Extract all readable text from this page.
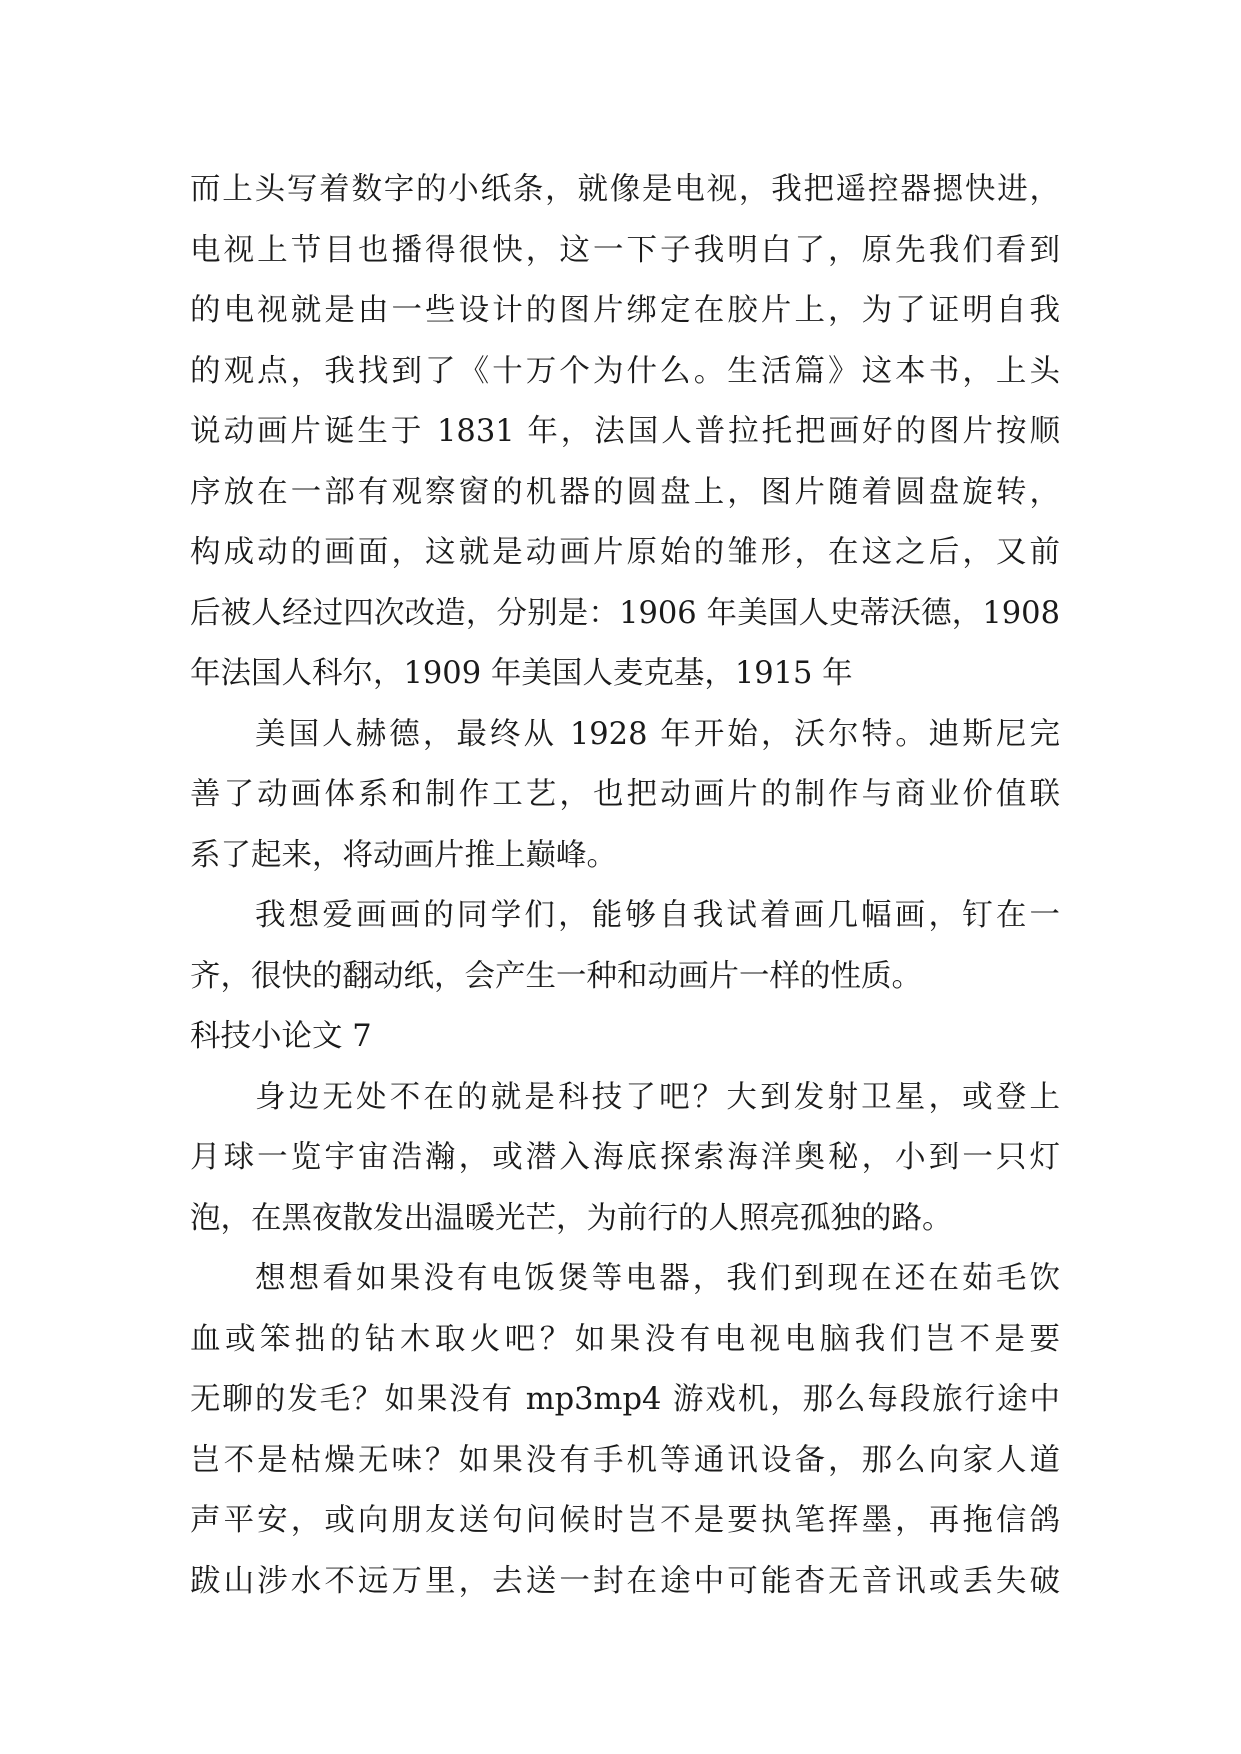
而上头写着数字的小纸条，就像是电视，我把遥控器摁快进，
电视上节目也播得很快，这一下子我明白了，原先我们看到
的电视就是由一些设计的图片绑定在胶片上，为了证明自我
的观点，我找到了《十万个为什么。生活篇》这本书，上头
说动画片诞生于 1831 年，法国人普拉托把画好的图片按顺
序放在一部有观察窗的机器的圆盘上，图片随着圆盘旋转，
构成动的画面，这就是动画片原始的雏形，在这之后，又前
后被人经过四次改造，分别是：1906 年美国人史蒂沃德，1908
年法国人科尔，1909 年美国人麦克基，1915 年
美国人赫德，最终从 1928 年开始，沃尔特。迪斯尼完
善了动画体系和制作工艺，也把动画片的制作与商业价值联
系了起来，将动画片推上巅峰。
我想爱画画的同学们，能够自我试着画几幅画，钉在一
齐，很快的翻动纸，会产生一种和动画片一样的性质。
科技小论文 7
身边无处不在的就是科技了吧？大到发射卫星，或登上
月球一览宇宙浩瀚，或潜入海底探索海洋奥秘，小到一只灯
泡，在黑夜散发出温暖光芒，为前行的人照亮孤独的路。
想想看如果没有电饭煲等电器，我们到现在还在茹毛饮
血或笨拙的钻木取火吧？如果没有电视电脑我们岂不是要
无聊的发毛？如果没有 mp3mp4 游戏机，那么每段旅行途中
岂不是枯燥无味？如果没有手机等通讯设备，那么向家人道
声平安，或向朋友送句问候时岂不是要执笔挥墨，再拖信鸽
跋山涉水不远万里，去送一封在途中可能杳无音讯或丢失破
